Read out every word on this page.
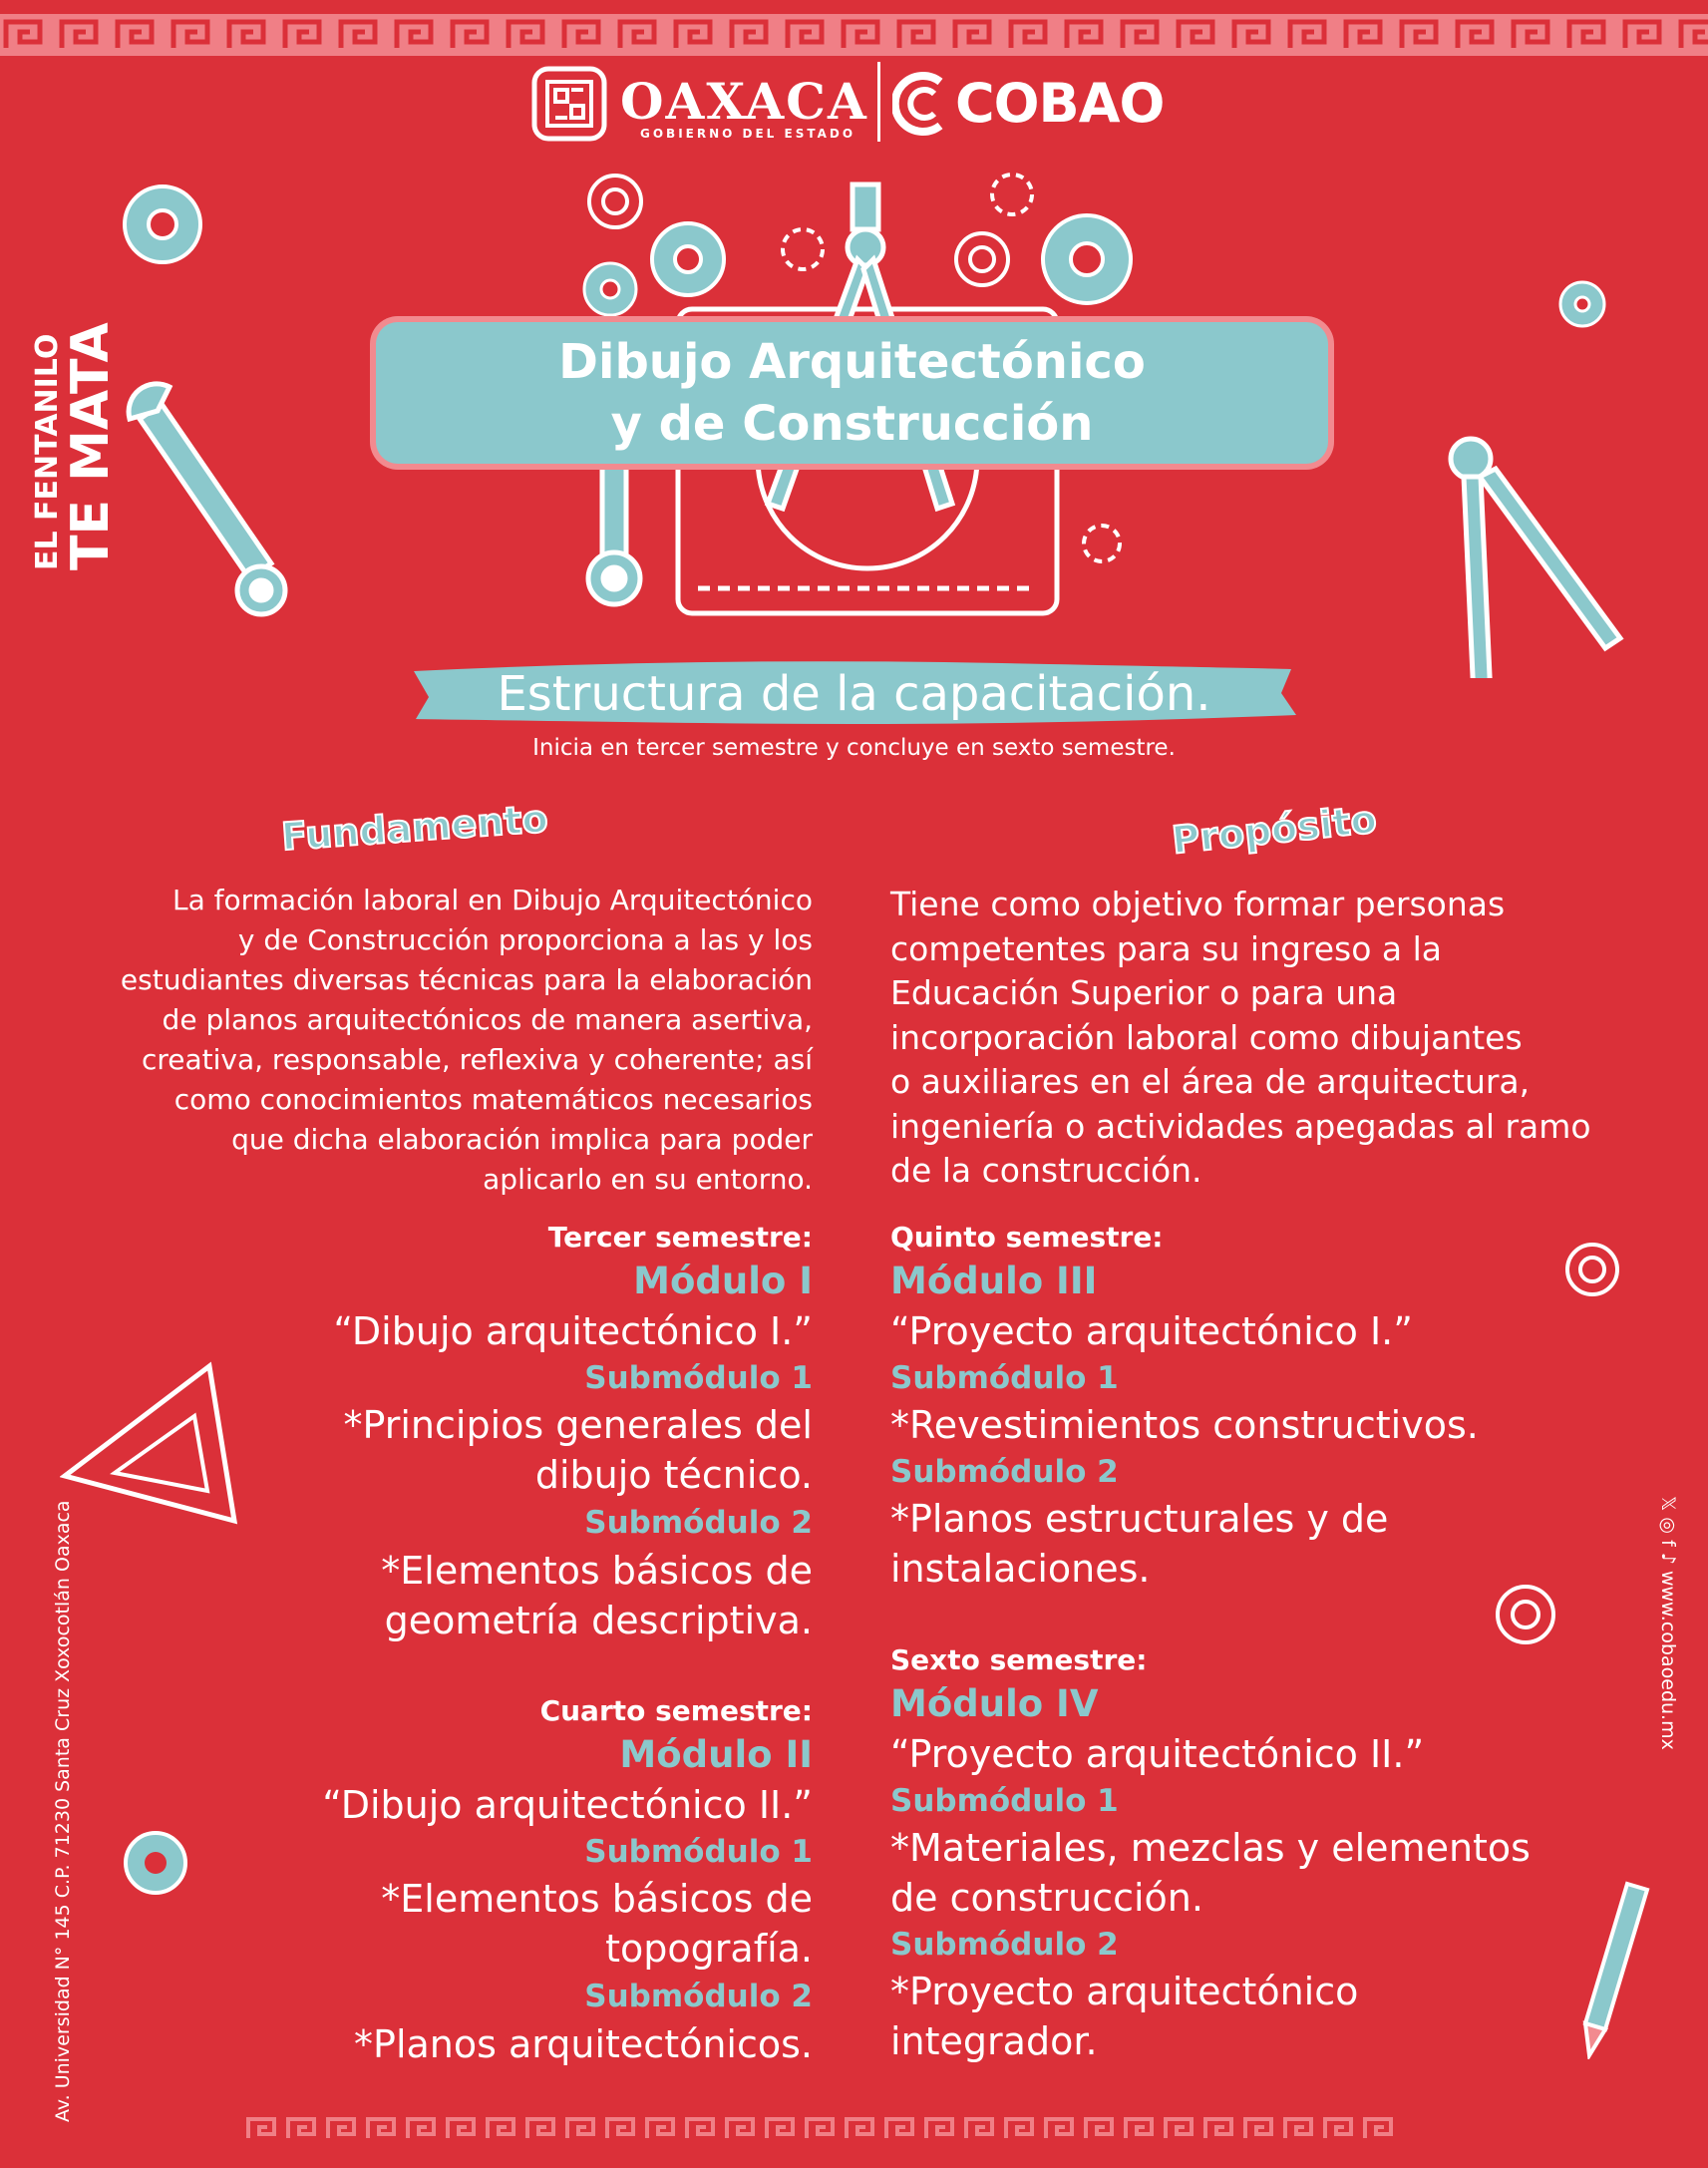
OAXACA
GOBIERNO DEL ESTADO COBAO
Dibujo Arquitectónico
y de Construcción
Estructura de la capacitación.
Inicia en tercer semestre y concluye en sexto semestre.
EL FENTANILO
TE MATA
Fundamento	Propósito
La formación laboral en Dibujo Arquitectónico
y de Construcción proporciona a las y los
estudiantes diversas técnicas para la elaboración
de planos arquitectónicos de manera asertiva,
creativa, responsable, reflexiva y coherente; así
como conocimientos matemáticos necesarios
que dicha elaboración implica para poder
aplicarlo en su entorno.
Tiene como objetivo formar personas
competentes para su ingreso a la
Educación Superior o para una
incorporación laboral como dibujantes
o auxiliares en el área de arquitectura,
ingeniería o actividades apegadas al ramo
de la construcción.
Tercer semestre:
Módulo I
“Dibujo arquitectónico I.”
Submódulo 1
*Principios generales del
dibujo técnico.
Submódulo 2
*Elementos básicos de
geometría descriptiva.
Cuarto semestre:
Módulo II
“Dibujo arquitectónico II.”
Submódulo 1
*Elementos básicos de
topografía.
Submódulo 2
*Planos arquitectónicos.
Quinto semestre:
Módulo III
“Proyecto arquitectónico I.”
Submódulo 1
*Revestimientos constructivos.
Submódulo 2
*Planos estructurales y de
instalaciones.
Sexto semestre:
Módulo IV
“Proyecto arquitectónico II.”
Submódulo 1
*Materiales, mezclas y elementos
de construcción.
Submódulo 2
*Proyecto arquitectónico
integrador.
Av. Universidad N° 145 C.P. 71230 Santa Cruz Xoxocotlán Oaxaca	𝕏 ◎ f ♪ www.cobaoedu.mx
